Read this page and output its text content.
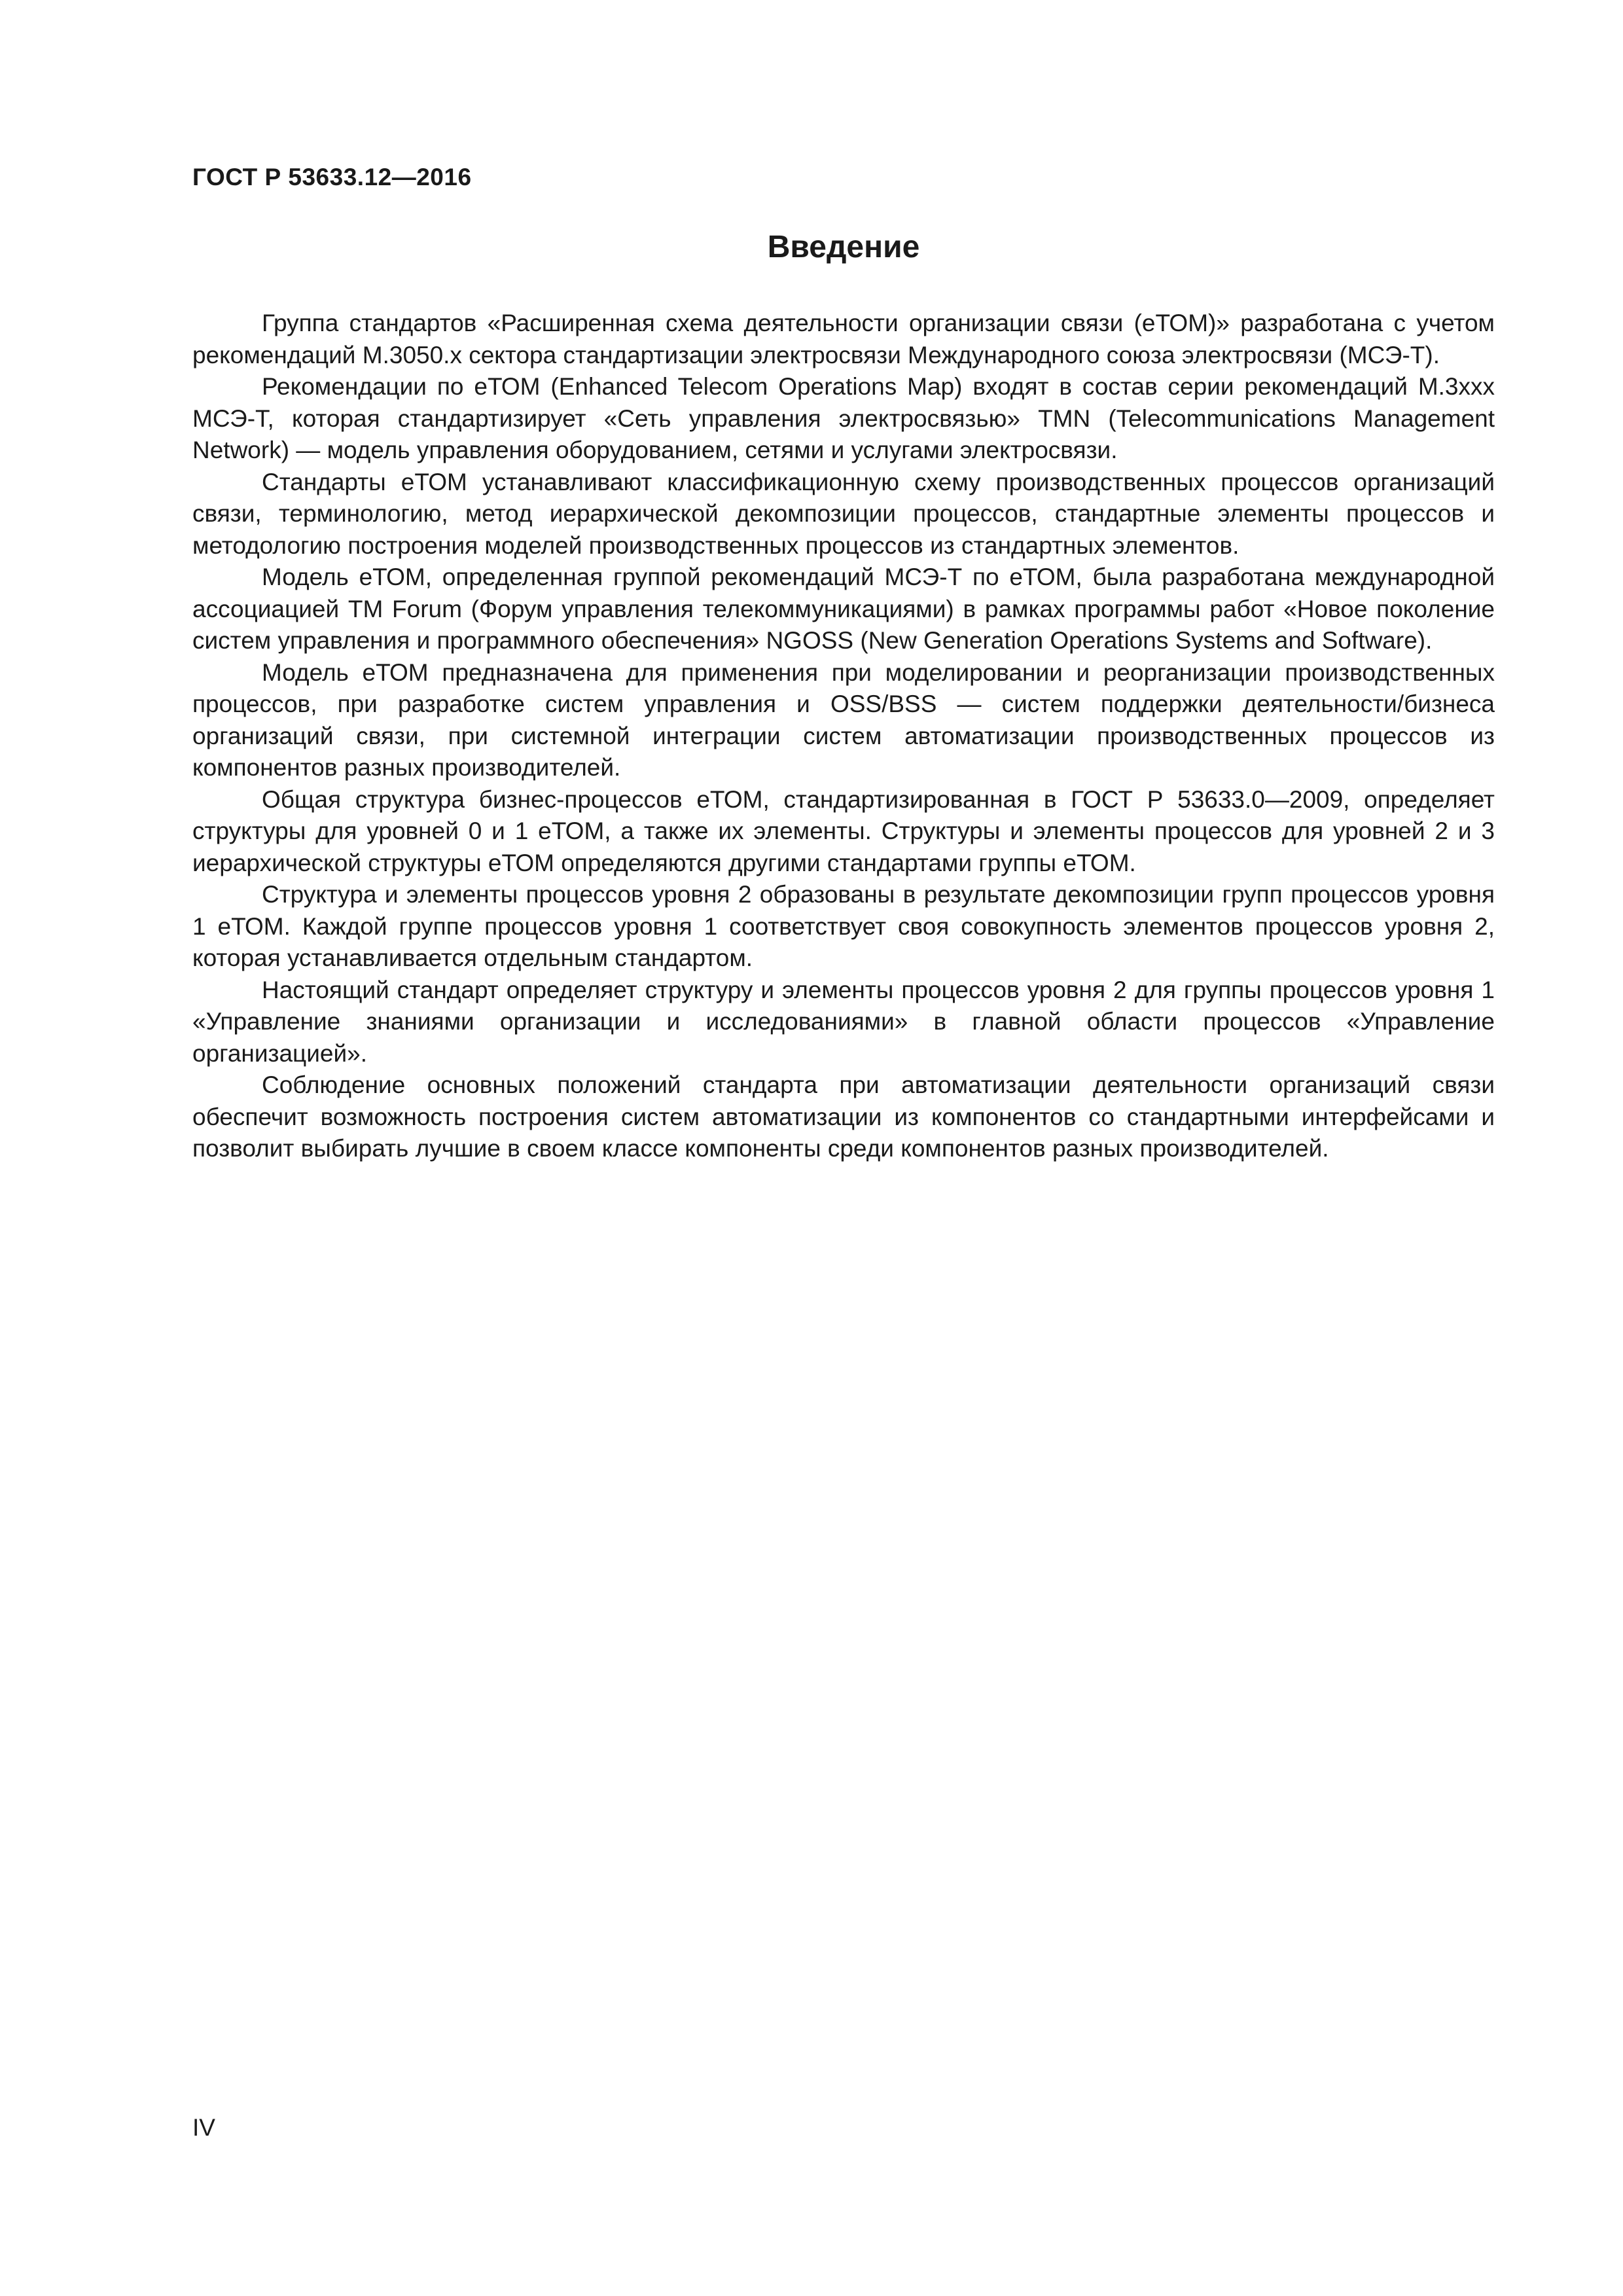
ГОСТ Р 53633.12—2016
Введение

Группа стандартов «Расширенная схема деятельности организации связи (еТОМ)» разработана с учетом рекомендаций М.3050.х сектора стандартизации электросвязи Международного союза электросвязи (МСЭ-Т).

Рекомендации по еТОМ (Enhanced Telecom Operations Map) входят в состав серии рекомендаций М.3ххх МСЭ-Т, которая стандартизирует «Сеть управления электросвязью» TMN (Telecommunications Management Network) — модель управления оборудованием, сетями и услугами электросвязи.

Стандарты еТОМ устанавливают классификационную схему производственных процессов организаций связи, терминологию, метод иерархической декомпозиции процессов, стандартные элементы процессов и методологию построения моделей производственных процессов из стандартных элементов.

Модель еТОМ, определенная группой рекомендаций МСЭ-Т по еТОМ, была разработана международной ассоциацией ТМ Forum (Форум управления телекоммуникациями) в рамках программы работ «Новое поколение систем управления и программного обеспечения» NGOSS (New Generation Operations Systems and Software).

Модель еТОМ предназначена для применения при моделировании и реорганизации производственных процессов, при разработке систем управления и OSS/BSS — систем поддержки деятельности/бизнеса организаций связи, при системной интеграции систем автоматизации производственных процессов из компонентов разных производителей.

Общая структура бизнес-процессов еТОМ, стандартизированная в ГОСТ Р 53633.0—2009, определяет структуры для уровней 0 и 1 еТОМ, а также их элементы. Структуры и элементы процессов для уровней 2 и 3 иерархической структуры еТОМ определяются другими стандартами группы еТОМ.

Структура и элементы процессов уровня 2 образованы в результате декомпозиции групп процессов уровня 1 еТОМ. Каждой группе процессов уровня 1 соответствует своя совокупность элементов процессов уровня 2, которая устанавливается отдельным стандартом.

Настоящий стандарт определяет структуру и элементы процессов уровня 2 для группы процессов уровня 1 «Управление знаниями организации и исследованиями» в главной области процессов «Управление организацией».

Соблюдение основных положений стандарта при автоматизации деятельности организаций связи обеспечит возможность построения систем автоматизации из компонентов со стандартными интерфейсами и позволит выбирать лучшие в своем классе компоненты среди компонентов разных производителей.

IV
